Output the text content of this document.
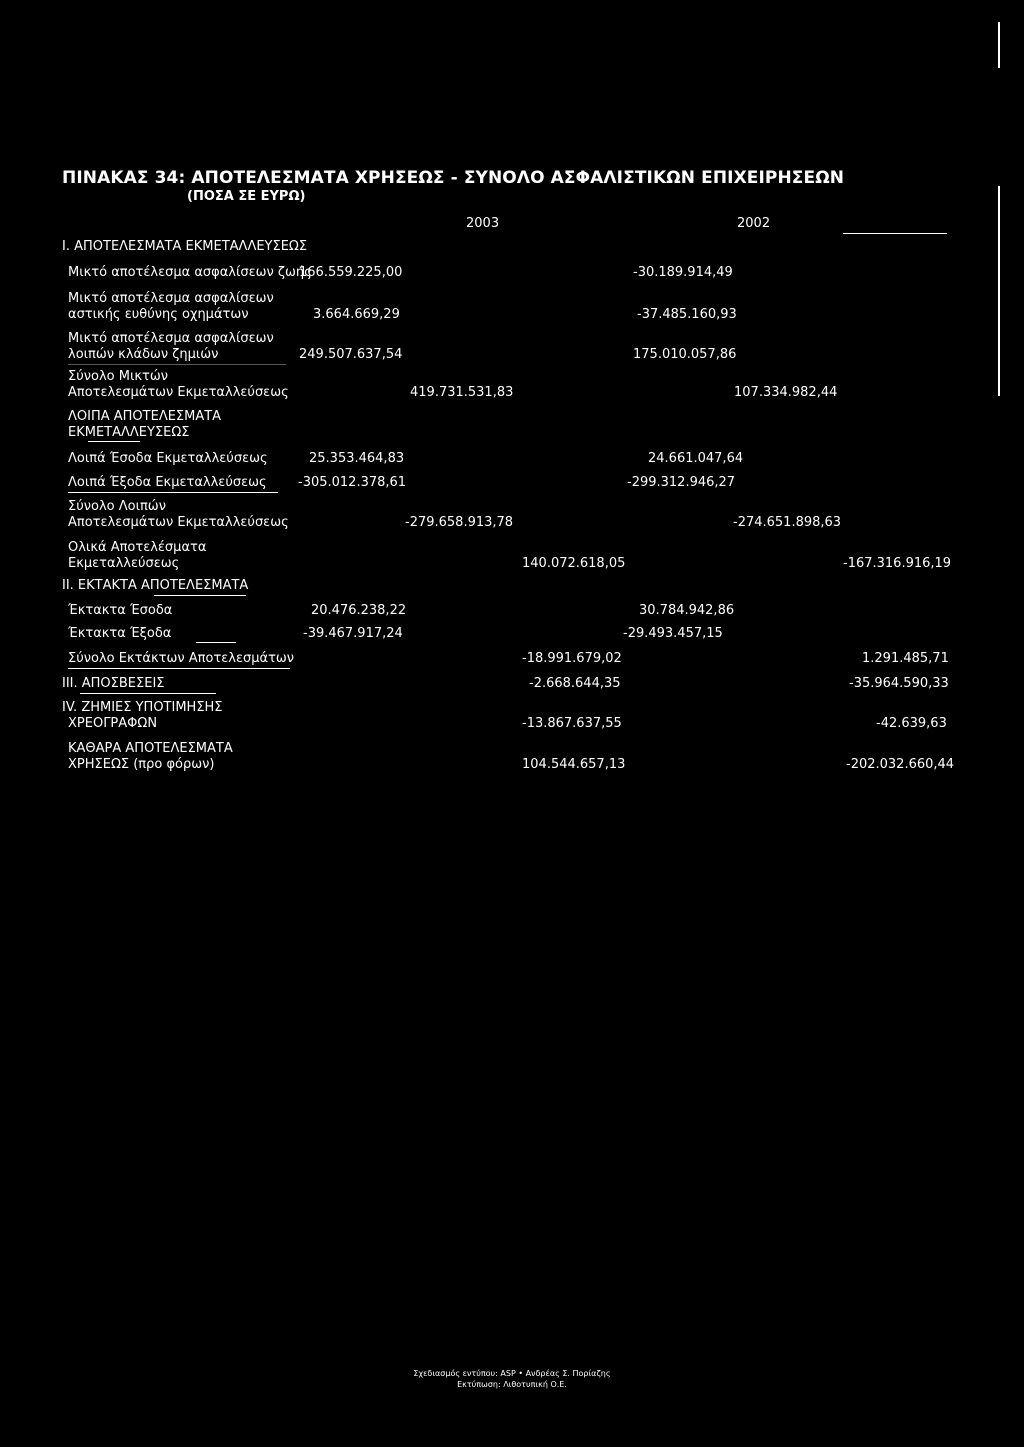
ΠΙΝΑΚΑΣ 34: ΑΠΟΤΕΛΕΣΜΑΤΑ ΧΡΗΣΕΩΣ - ΣΥΝΟΛΟ ΑΣΦΑΛΙΣΤΙΚΩΝ ΕΠΙΧΕΙΡΗΣΕΩΝ
(ΠΟΣΑ ΣΕ ΕΥΡΩ)
2003	2002
I. ΑΠΟΤΕΛΕΣΜΑΤΑ ΕΚΜΕΤΑΛΛΕΥΣΕΩΣ
Μικτό αποτέλεσμα ασφαλίσεων ζωής
166.559.225,00	-30.189.914,49
Μικτό αποτέλεσμα ασφαλίσεων
αστικής ευθύνης οχημάτων	3.664.669,29	-37.485.160,93
Μικτό αποτέλεσμα ασφαλίσεων
λοιπών κλάδων ζημιών	249.507.637,54	175.010.057,86
Σύνολο Μικτών
Αποτελεσμάτων Εκμεταλλεύσεως	419.731.531,83	107.334.982,44
ΛΟΙΠΑ ΑΠΟΤΕΛΕΣΜΑΤΑ
ΕΚΜΕΤΑΛΛΕΥΣΕΩΣ
Λοιπά Έσοδα Εκμεταλλεύσεως	25.353.464,83	24.661.047,64
Λοιπά Έξοδα Εκμεταλλεύσεως -305.012.378,61	-299.312.946,27
Σύνολο Λοιπών
Αποτελεσμάτων Εκμεταλλεύσεως	-279.658.913,78	-274.651.898,63
Ολικά Αποτελέσματα
Εκμεταλλεύσεως	140.072.618,05	-167.316.916,19
II. ΕΚΤΑΚΤΑ ΑΠΟΤΕΛΕΣΜΑΤΑ
Έκτακτα Έσοδα	20.476.238,22	30.784.942,86
Έκτακτα Έξοδα	-39.467.917,24	-29.493.457,15
Σύνολο Εκτάκτων Αποτελεσμάτων	-18.991.679,02	1.291.485,71
III. ΑΠΟΣΒΕΣΕΙΣ	-2.668.644,35	-35.964.590,33
IV. ΖΗΜΙΕΣ ΥΠΟΤΙΜΗΣΗΣ
ΧΡΕΟΓΡΑΦΩΝ	-13.867.637,55	-42.639,63
ΚΑΘΑΡΑ ΑΠΟΤΕΛΕΣΜΑΤΑ
ΧΡΗΣΕΩΣ (προ φόρων)	104.544.657,13	-202.032.660,44
Σχεδιασμός εντύπου: ASP • Ανδρέας Σ. Πορίαζης
Εκτύπωση: Λιθοτυπική Ο.Ε.
